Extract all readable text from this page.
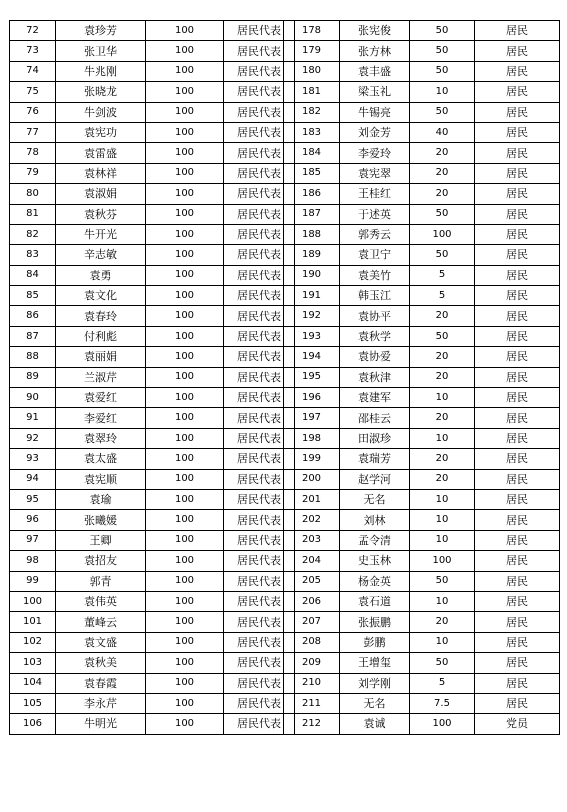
72	袁珍芳	100	居民代表
73	张卫华	100	居民代表
74	牛兆刚	100	居民代表
75	张晓龙	100	居民代表
76	牛剑波	100	居民代表
77	袁宪功	100	居民代表
78	袁雷盛	100	居民代表
79	袁林祥	100	居民代表
80	袁淑娟	100	居民代表
81	袁秋芬	100	居民代表
82	牛开光	100	居民代表
83	辛志敏	100	居民代表
84	袁勇	100	居民代表
85	袁文化	100	居民代表
86	袁春玲	100	居民代表
87	付利彪	100	居民代表
88	袁丽娟	100	居民代表
89	兰淑芹	100	居民代表
90	袁爱红	100	居民代表
91	李爱红	100	居民代表
92	袁翠玲	100	居民代表
93	袁太盛	100	居民代表
94	袁宪顺	100	居民代表
95	袁瑜	100	居民代表
96	张曦媛	100	居民代表
97	王卿	100	居民代表
98	袁招友	100	居民代表
99	郭青	100	居民代表
100	袁伟英	100	居民代表
101	董峰云	100	居民代表
102	袁文盛	100	居民代表
103	袁秋美	100	居民代表
104	袁春霞	100	居民代表
105	李永芹	100	居民代表
106	牛明光	100	居民代表
178	张宪俊	50	居民
179	张方林	50	居民
180	袁丰盛	50	居民
181	梁玉礼	10	居民
182	牛锡亮	50	居民
183	刘金芳	40	居民
184	李爱玲	20	居民
185	袁宪翠	20	居民
186	王桂红	20	居民
187	于述英	50	居民
188	郭秀云	100	居民
189	袁卫宁	50	居民
190	袁美竹	5	居民
191	韩玉江	5	居民
192	袁协平	20	居民
193	袁秋学	50	居民
194	袁协爱	20	居民
195	袁秋津	20	居民
196	袁建军	10	居民
197	邵桂云	20	居民
198	田淑珍	10	居民
199	袁瑞芳	20	居民
200	赵学河	20	居民
201	无名	10	居民
202	刘林	10	居民
203	孟令清	10	居民
204	史玉林	100	居民
205	杨金英	50	居民
206	袁石道	10	居民
207	张振鹏	20	居民
208	彭鹏	10	居民
209	王增玺	50	居民
210	刘学刚	5	居民
211	无名	7.5	居民
212	袁诚	100	党员
